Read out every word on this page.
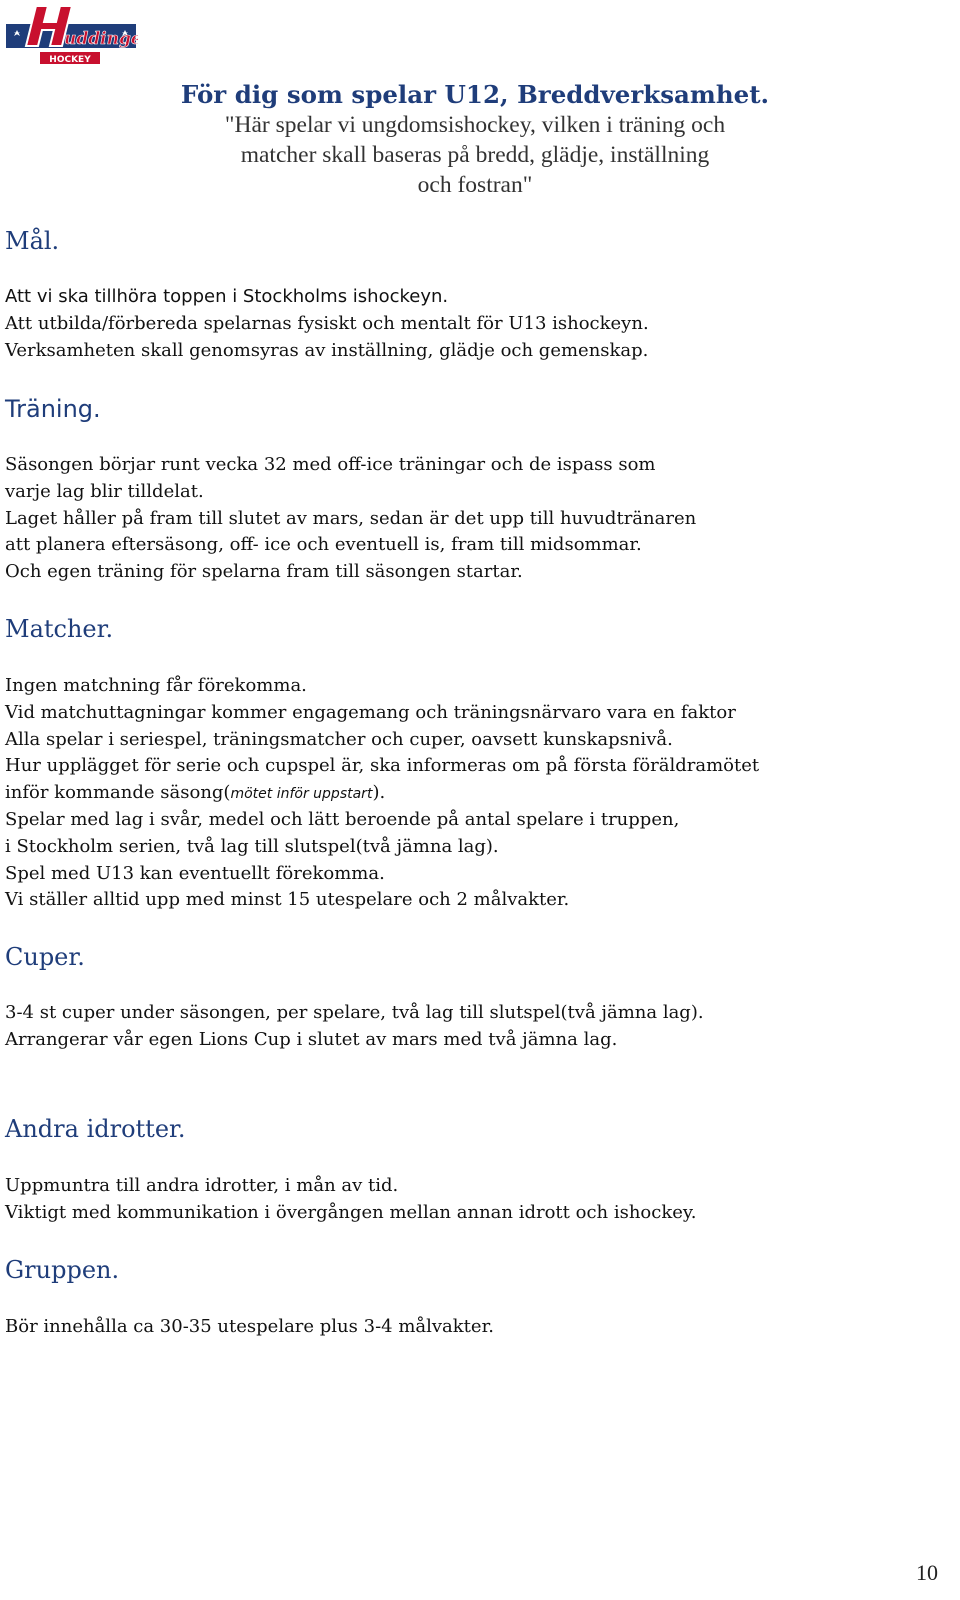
uddinge
HOCKEY
För dig som spelar U12, Breddverksamhet.
"Här spelar vi ungdomsishockey, vilken i träning och
matcher skall baseras på bredd, glädje, inställning
och fostran"
Mål.
Att vi ska tillhöra toppen i Stockholms ishockeyn.
Att utbilda/förbereda spelarnas fysiskt och mentalt för U13 ishockeyn.
Verksamheten skall genomsyras av inställning, glädje och gemenskap.
Träning.
Säsongen börjar runt vecka 32 med off-ice träningar och de ispass som
varje lag blir tilldelat.
Laget håller på fram till slutet av mars, sedan är det upp till huvudtränaren
att planera eftersäsong, off- ice och eventuell is, fram till midsommar.
Och egen träning för spelarna fram till säsongen startar.
Matcher.
Ingen matchning får förekomma.
Vid matchuttagningar kommer engagemang och träningsnärvaro vara en faktor
Alla spelar i seriespel, träningsmatcher och cuper, oavsett kunskapsnivå.
Hur upplägget för serie och cupspel är, ska informeras om på första föräldramötet
inför kommande säsong(mötet inför uppstart).
Spelar med lag i svår, medel och lätt beroende på antal spelare i truppen,
i Stockholm serien, två lag till slutspel(två jämna lag).
Spel med U13 kan eventuellt förekomma.
Vi ställer alltid upp med minst 15 utespelare och 2 målvakter.
Cuper.
3-4 st cuper under säsongen, per spelare, två lag till slutspel(två jämna lag).
Arrangerar vår egen Lions Cup i slutet av mars med två jämna lag.
Andra idrotter.
Uppmuntra till andra idrotter, i mån av tid.
Viktigt med kommunikation i övergången mellan annan idrott och ishockey.
Gruppen.
Bör innehålla ca 30-35 utespelare plus 3-4 målvakter.
10
